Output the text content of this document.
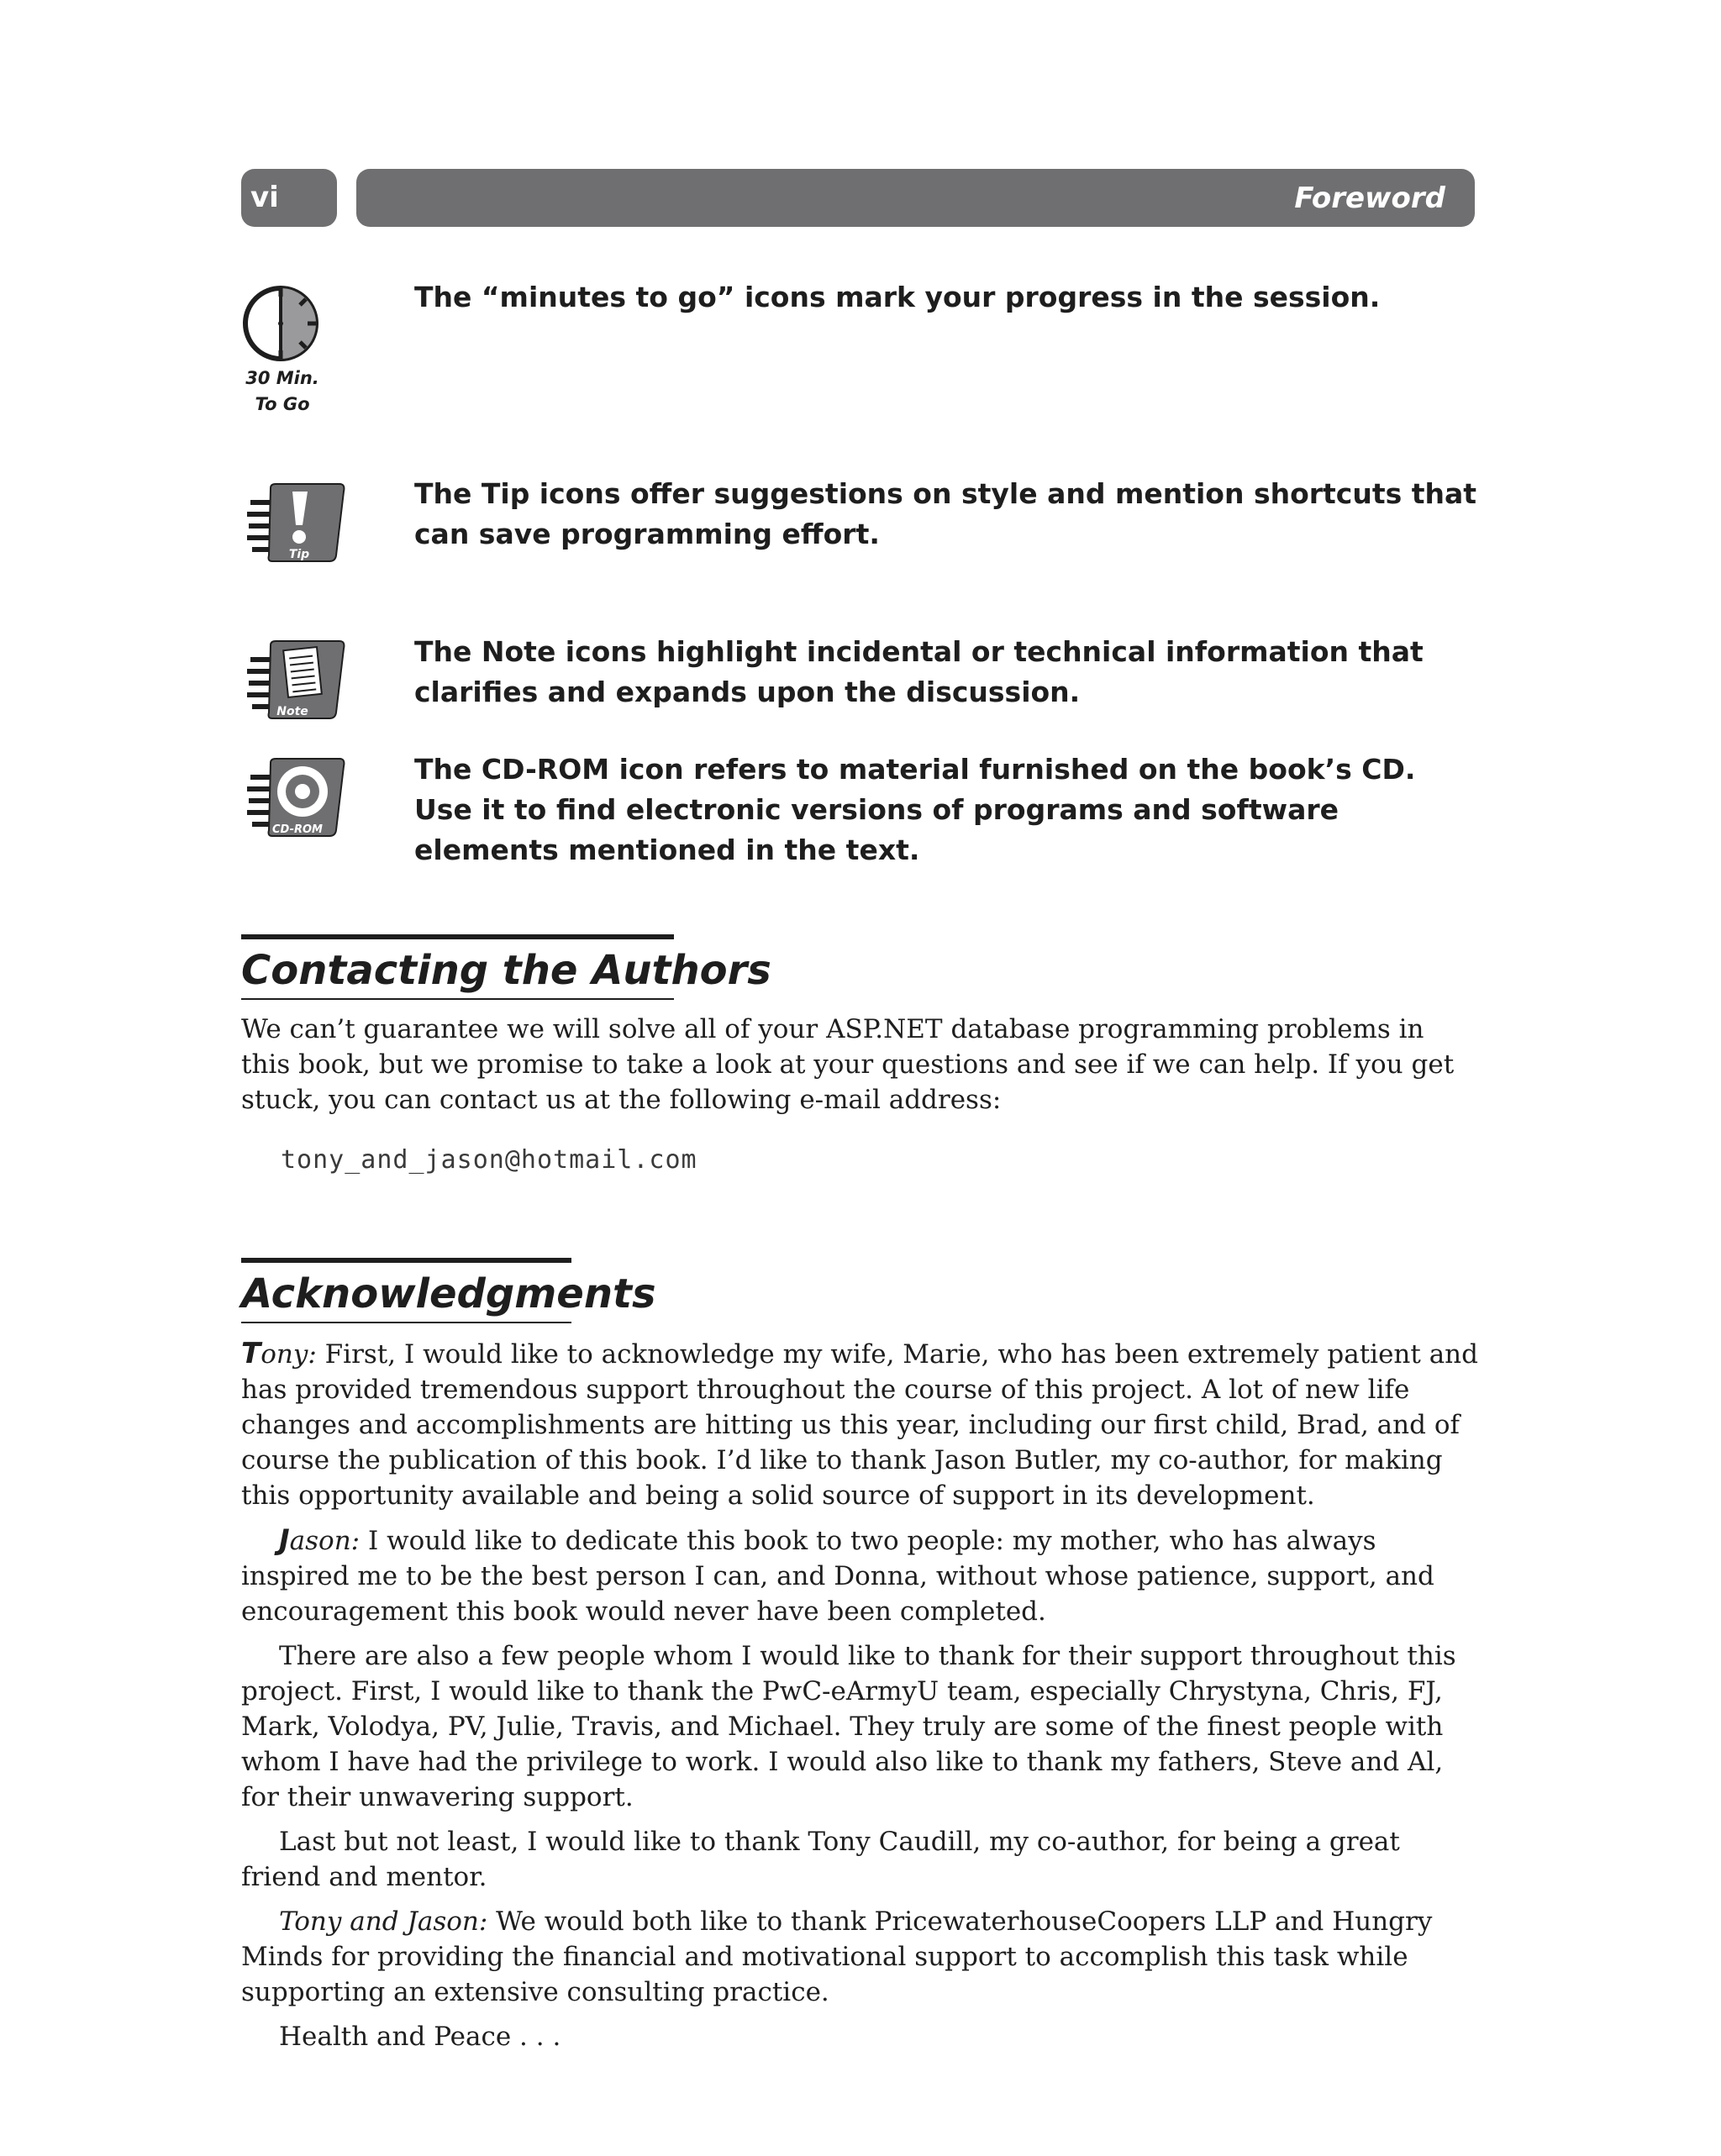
vi	Foreword
30 Min.
To Go
The “minutes to go” icons mark your progress in the session.
Tip
The Tip icons offer suggestions on style and mention shortcuts that can save programming effort.
Note
The Note icons highlight incidental or technical information that clarifies and expands upon the discussion.
CD-ROM
The CD-ROM icon refers to material furnished on the book’s CD. Use it to find electronic versions of programs and software elements mentioned in the text.
Contacting the Authors

We can’t guarantee we will solve all of your ASP.NET database programming problems in this book, but we promise to take a look at your questions and see if we can help. If you get stuck, you can contact us at the following e-mail address:

tony_and_jason@hotmail.com
Acknowledgments

Tony: First, I would like to acknowledge my wife, Marie, who has been extremely patient and has provided tremendous support throughout the course of this project. A lot of new life changes and accomplishments are hitting us this year, including our first child, Brad, and of course the publication of this book. I’d like to thank Jason Butler, my co-author, for making this opportunity available and being a solid source of support in its development.

Jason: I would like to dedicate this book to two people: my mother, who has always inspired me to be the best person I can, and Donna, without whose patience, support, and encouragement this book would never have been completed.

There are also a few people whom I would like to thank for their support throughout this project. First, I would like to thank the PwC-eArmyU team, especially Chrystyna, Chris, FJ, Mark, Volodya, PV, Julie, Travis, and Michael. They truly are some of the finest people with whom I have had the privilege to work. I would also like to thank my fathers, Steve and Al, for their unwavering support.

Last but not least, I would like to thank Tony Caudill, my co-author, for being a great friend and mentor.

Tony and Jason: We would both like to thank PricewaterhouseCoopers LLP and Hungry Minds for providing the financial and motivational support to accomplish this task while supporting an extensive consulting practice.

Health and Peace . . .
